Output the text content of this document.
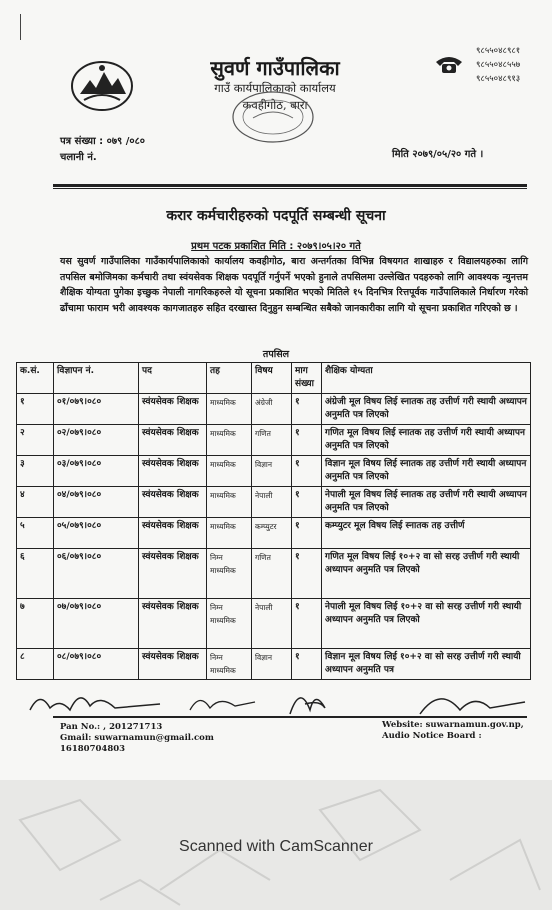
सुवर्ण गाउँपालिका
गाउँ कार्यपालिकाको कार्यालय
कवहीगोठ, बारा
९८५५०४८९८१
९८५५०४८५५७
९८५५०४८९१३
पत्र संख्या : ०७९ /०८०
चलानी नं.	मिति २०७९/०५/२० गते ।
करार कर्मचारीहरुको पदपूर्ति सम्बन्धी सूचना
प्रथम पटक प्रकाशित मिति : २०७९।०५।२० गते
यस सुवर्ण गाउँपालिका गाउँकार्यपालिकाको कार्यालय कवहीगोठ, बारा अन्तर्गतका विभिन्न विषयगत शाखाहरु र विद्यालयहरुका लागि तपसिल बमोजिमका कर्मचारी तथा स्वंयसेवक शिक्षक पदपूर्ति गर्नुपर्ने भएको हुनाले तपसिलमा उल्लेखित पदहरुको लागि आवश्यक न्युनत्तम शैक्षिक योग्यता पुगेका इच्छुक नेपाली नागरिकहरुले यो सूचना प्रकाशित भएको मितिले १५ दिनभित्र रित्तपूर्वक गाउँपालिकाले निर्धारण गरेको ढाँचामा फाराम भरी आवश्यक कागजातहरु सहित दरखास्त दिनुहुन सम्बन्धित सबैको जानकारीका लागि यो सूचना प्रकाशित गरिएको छ ।
तपसिल
क.सं.	विज्ञापन नं.	पद	तह	विषय	माग संख्या	शैक्षिक योग्यता
१	०१/०७९।०८०	स्वंयसेवक शिक्षक	माध्यमिक	अंग्रेजी	१	अंग्रेजी मूल विषय लिई स्नातक तह उत्तीर्ण गरी स्थायी अध्यापन अनुमति पत्र लिएको
२	०२/०७९।०८०	स्वंयसेवक शिक्षक	माध्यमिक	गणित	१	गणित मूल विषय लिई स्नातक तह उत्तीर्ण गरी स्थायी अध्यापन अनुमति पत्र लिएको
३	०३/०७९।०८०	स्वंयसेवक शिक्षक	माध्यमिक	विज्ञान	१	विज्ञान मूल विषय लिई स्नातक तह उत्तीर्ण गरी स्थायी अध्यापन अनुमति पत्र लिएको
४	०४/०७९।०८०	स्वंयसेवक शिक्षक	माध्यमिक	नेपाली	१	नेपाली मूल विषय लिई स्नातक तह उत्तीर्ण गरी स्थायी अध्यापन अनुमति पत्र लिएको
५	०५/०७९।०८०	स्वंयसेवक शिक्षक	माध्यमिक	कम्प्युटर	१	कम्प्युटर मूल विषय लिई स्नातक तह उत्तीर्ण
६	०६/०७९।०८०	स्वंयसेवक शिक्षक	निम्न माध्यमिक	गणित	१	गणित मूल विषय लिई १०+२ वा सो सरह उत्तीर्ण गरी स्थायी अध्यापन अनुमति पत्र लिएको
७	०७/०७९।०८०	स्वंयसेवक शिक्षक	निम्न माध्यमिक	नेपाली	१	नेपाली मूल विषय लिई १०+२ वा सो सरह उत्तीर्ण गरी स्थायी अध्यापन अनुमति पत्र लिएको
८	०८/०७९।०८०	स्वंयसेवक शिक्षक	निम्न माध्यमिक	विज्ञान	१	विज्ञान मूल विषय लिई १०+२ वा सो सरह उत्तीर्ण गरी स्थायी अध्यापन अनुमति पत्र
Pan No.: , 201271713
Gmail: suwarnamun@gmail.com
16180704803
Website: suwarnamun.gov.np,
Audio Notice Board :
Scanned with CamScanner
